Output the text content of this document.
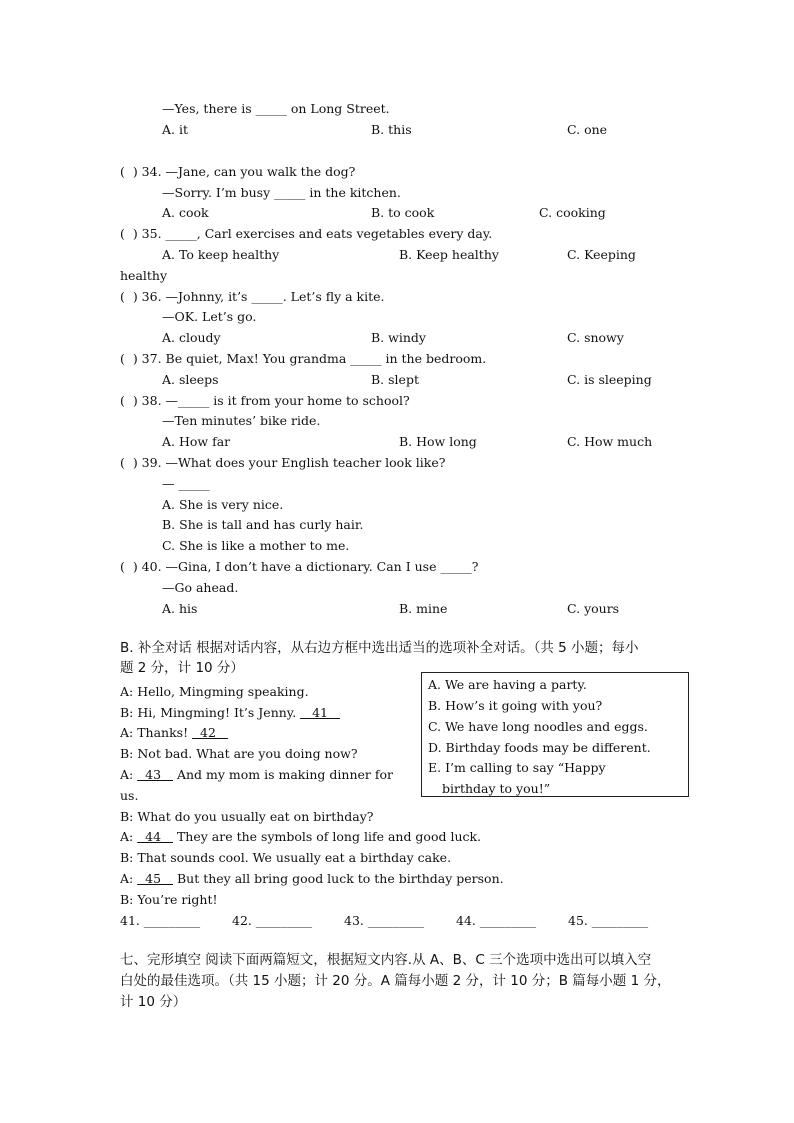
—Yes, there is _____ on Long Street.
A. it	B. this	C. one
(  ) 34. —Jane, can you walk the dog?
—Sorry. I’m busy _____ in the kitchen.
A. cook	B. to cook	C. cooking
(  ) 35. _____, Carl exercises and eats vegetables every day.
A. To keep healthy	B. Keep healthy	C. Keeping
healthy
(  ) 36. —Johnny, it’s _____. Let’s fly a kite.
—OK. Let’s go.
A. cloudy	B. windy	C. snowy
(  ) 37. Be quiet, Max! You grandma _____ in the bedroom.
A. sleeps	B. slept	C. is sleeping
(  ) 38. —_____ is it from your home to school?
—Ten minutes’ bike ride.
A. How far	B. How long	C. How much
(  ) 39. —What does your English teacher look like?
— _____
A. She is very nice.
B. She is tall and has curly hair.
C. She is like a mother to me.
(  ) 40. —Gina, I don’t have a dictionary. Can I use _____?
—Go ahead.
A. his	B. mine	C. yours
B. 补全对话 根据对话内容，从右边方框中选出适当的选项补全对话。（共 5 小题；每小
题 2 分，计 10 分）
A. We are having a party.
B. How’s it going with you?
C. We have long noodles and eggs.
D. Birthday foods may be different.
E. I’m calling to say “Happy
birthday to you!”
A: Hello, Mingming speaking.
B: Hi, Mingming! It’s Jenny.    41
A: Thanks!   42
B: Not bad. What are you doing now?
A:   43    And my mom is making dinner for
us.
B: What do you usually eat on birthday?
A:   44    They are the symbols of long life and good luck.
B: That sounds cool. We usually eat a birthday cake.
A:   45    But they all bring good luck to the birthday person.
B: You’re right!
41. _________	42. _________	43. _________	44. _________	45. _________
七、完形填空 阅读下面两篇短文，根据短文内容.从 A、B、C 三个选项中选出可以填入空
白处的最佳选项。（共 15 小题；计 20 分。A 篇每小题 2 分，计 10 分；B 篇每小题 1 分，
计 10 分）
